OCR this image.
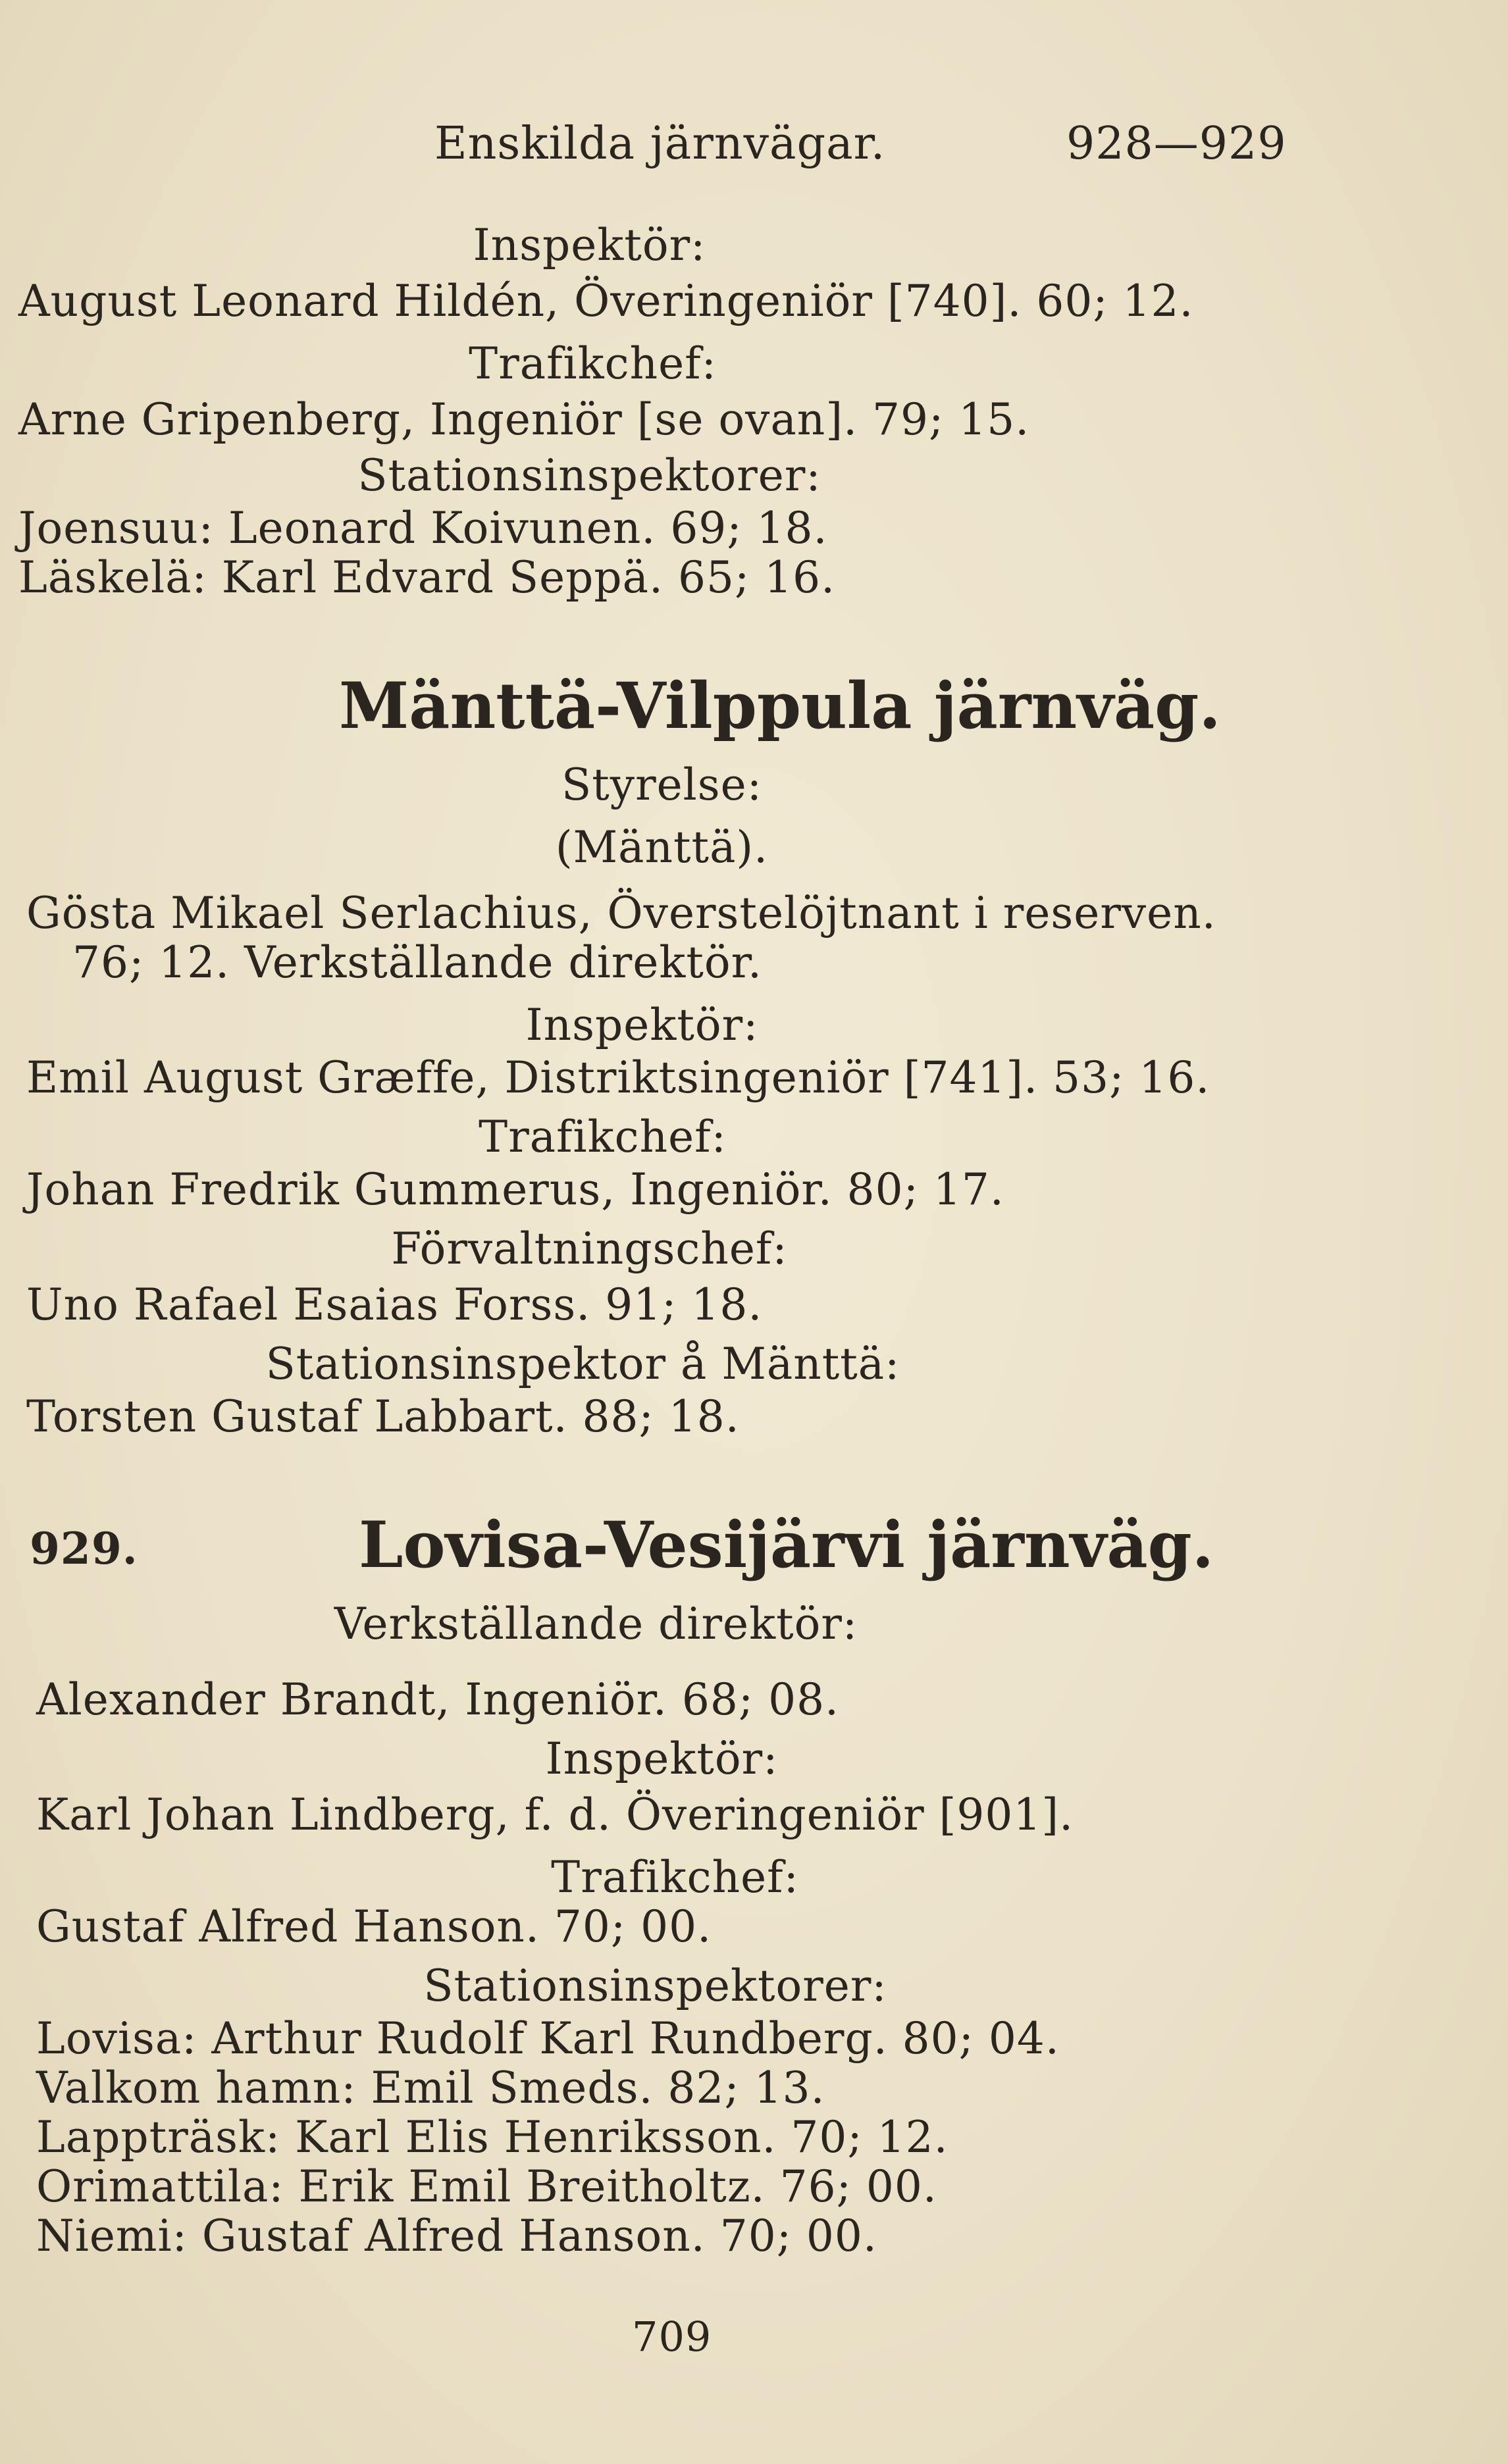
Enskilda järnvägar.	928—929
Inspektör:
August Leonard Hildén, Överingeniör [740]. 60; 12.
Trafikchef:
Arne Gripenberg, Ingeniör [se ovan]. 79; 15.
Stationsinspektorer:
Joensuu: Leonard Koivunen. 69; 18.
Läskelä: Karl Edvard Seppä. 65; 16.
Mänttä-Vilppula järnväg.
Styrelse:
(Mänttä).
Gösta Mikael Serlachius, Överstelöjtnant i reserven.
76; 12. Verkställande direktör.
Inspektör:
Emil August Græffe, Distriktsingeniör [741]. 53; 16.
Trafikchef:
Johan Fredrik Gummerus, Ingeniör. 80; 17.
Förvaltningschef:
Uno Rafael Esaias Forss. 91; 18.
Stationsinspektor å Mänttä:
Torsten Gustaf Labbart. 88; 18.
929.	Lovisa-Vesijärvi järnväg.
Verkställande direktör:
Alexander Brandt, Ingeniör. 68; 08.
Inspektör:
Karl Johan Lindberg, f. d. Överingeniör [901].
Trafikchef:
Gustaf Alfred Hanson. 70; 00.
Stationsinspektorer:
Lovisa: Arthur Rudolf Karl Rundberg. 80; 04.
Valkom hamn: Emil Smeds. 82; 13.
Lappträsk: Karl Elis Henriksson. 70; 12.
Orimattila: Erik Emil Breitholtz. 76; 00.
Niemi: Gustaf Alfred Hanson. 70; 00.
709
